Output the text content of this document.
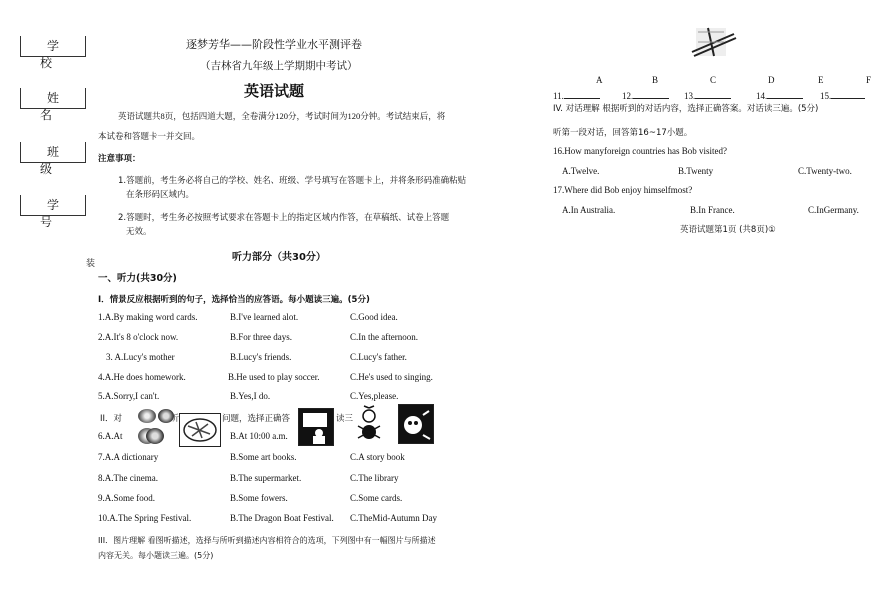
学 校
姓 名
班 级
学 号
装
逐梦芳华——阶段性学业水平测评卷
（吉林省九年级上学期期中考试）
英语试题
英语试题共8页，包括四道大题，全卷满分120分，考试时间为120分钟。考试结束后，将
本试卷和答题卡一并交回。
注意事项：
1.答题前，考生务必将自己的学校、姓名、班级、学号填写在答题卡上，并将条形码准确粘贴
在条形码区域内。
2.答题时，考生务必按照考试要求在答题卡上的指定区域内作答，在草稿纸、试卷上答题
无效。
听力部分（共30分）
一、听力(共30分)
I．情景反应根据听到的句子，选择恰当的应答语。每小题读三遍。(5分)
1.A.By making word cards.	B.I've learned alot.	C.Good idea.
2.A.It's 8 o'clock now.	B.For three days.	C.In the afternoon.
3. A.Lucy's mother	B.Lucy's friends.	C.Lucy's father.
4.A.He does homework.	B.He used to play soccer.	C.He's used to singing.
5.A.Sorry,I can't.	B.Yes,I do.	C.Yes,please.
II．对	问题，选择正确答	读三
6.A.At	B.At 10:00 a.m.
7.A.A dictionary	B.Some art books.	C.A story book
8.A.The cinema.	B.The supermarket.	C.The library
9.A.Some food.	B.Some fowers.	C.Some cards.
10.A.The Spring Festival.	B.The Dragon Boat Festival. C.TheMid-Autumn Day
III．图片理解 看图听描述，选择与所听到描述内容相符合的选项，下列图中有一幅图片与所描述
内容无关。每小题读三遍。(5分)
A	B	C	D	E	F
11.	12.	13.	14.	15.
IV. 对话理解 根据听到的对话内容，选择正确答案。对话读三遍。(5分)
听第一段对话，回答第16~17小题。
16.How manyforeign countries has Bob visited?
A.Twelve.	B.Twenty	C.Twenty-two.
17.Where did Bob enjoy himselfmost?
A.In Australia.	B.In France.	C.InGermany.
英语试题第1页 (共8页)①
